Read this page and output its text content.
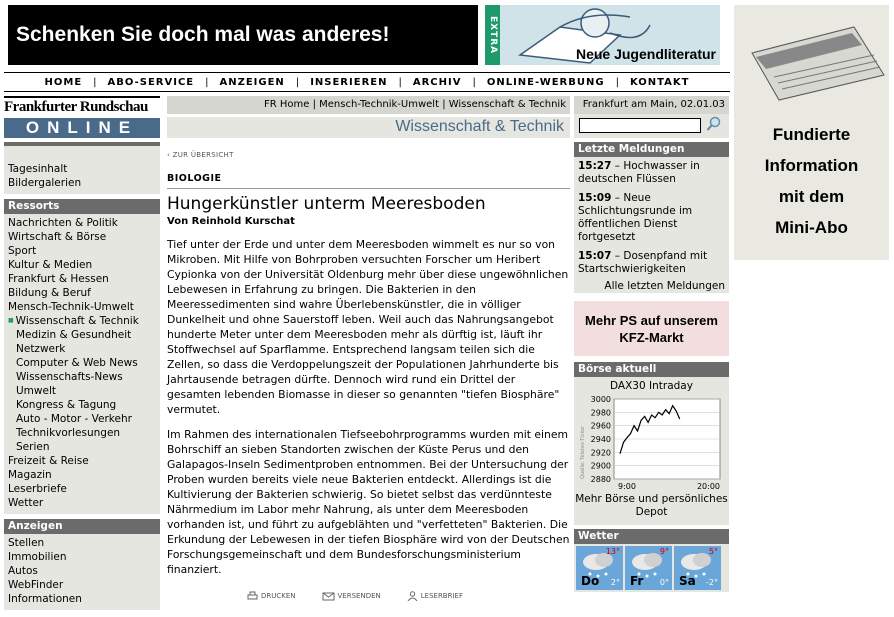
Schenken Sie doch mal was anderes!	EXTRA	Neue Jugendliteratur
HOME	|	ABO-SERVICE	|	ANZEIGEN	|	INSERIEREN	|	ARCHIV	|	ONLINE-WERBUNG	|	KONTAKT
Frankfurter Rundschau
ONLINE
FR Home | Mensch-Technik-Umwelt | Wissenschaft & Technik	Frankfurt am Main, 02.01.03
Wissenschaft & Technik
Tagesinhalt
Bildergalerien
Ressorts
Nachrichten & Politik
Wirtschaft & Börse
Sport
Kultur & Medien
Frankfurt & Hessen
Bildung & Beruf
Mensch-Technik-Umwelt
■ Wissenschaft & Technik
Medizin & Gesundheit
Netzwerk
Computer & Web News
Wissenschafts-News
Umwelt
Kongress & Tagung
Auto - Motor - Verkehr
Technikvorlesungen
Serien
Freizeit & Reise
Magazin
Leserbriefe
Wetter
Anzeigen
Stellen
Immobilien
Autos
WebFinder
Informationen
‹ ZUR ÜBERSICHT
BIOLOGIE
Hungerkünstler unterm Meeresboden
Von Reinhold Kurschat
Tief unter der Erde und unter dem Meeresboden wimmelt es nur so von Mikroben. Mit Hilfe von Bohrproben versuchten Forscher um Heribert Cypionka von der Universität Oldenburg mehr über diese ungewöhnlichen Lebewesen in Erfahrung zu bringen. Die Bakterien in den Meeressedimenten sind wahre Überlebenskünstler, die in völliger Dunkelheit und ohne Sauerstoff leben. Weil auch das Nahrungsangebot hunderte Meter unter dem Meeresboden mehr als dürftig ist, läuft ihr Stoffwechsel auf Sparflamme. Entsprechend langsam teilen sich die Zellen, so dass die Verdoppelungszeit der Populationen Jahrhunderte bis Jahrtausende betragen dürfte. Dennoch wird rund ein Drittel der gesamten lebenden Biomasse in dieser so genannten "tiefen Biosphäre" vermutet.
Im Rahmen des internationalen Tiefseebohrprogramms wurden mit einem Bohrschiff an sieben Standorten zwischen der Küste Perus und den Galapagos-Inseln Sedimentproben entnommen. Bei der Untersuchung der Proben wurden bereits viele neue Bakterien entdeckt. Allerdings ist die Kultivierung der Bakterien schwierig. So bietet selbst das verdünnteste Nährmedium im Labor mehr Nahrung, als unter dem Meeresboden vorhanden ist, und führt zu aufgeblähten und "verfetteten" Bakterien. Die Erkundung der Lebewesen in der tiefen Biosphäre wird von der Deutschen Forschungsgemeinschaft und dem Bundesforschungsministerium finanziert.
DRUCKEN	VERSENDEN	LESERBRIEF
Letzte Meldungen
15:27 – Hochwasser in deutschen Flüssen
15:09 – Neue Schlichtungsrunde im öffentlichen Dienst fortgesetzt
15:07 – Dosenpfand mit Startschwierigkeiten
Alle letzten Meldungen
Mehr PS auf unserem KFZ-Markt
Börse aktuell
DAX30 Intraday
2880
2900
2920
2940
2960
2980
3000
9:00	20:00
Quelle: Teletex-Ticker
Mehr Börse und persönliches Depot
Wetter
13°
2°
Do
9°
0°
Fr
5°
-2°
Sa
Fundierte
Information
mit dem
Mini-Abo
